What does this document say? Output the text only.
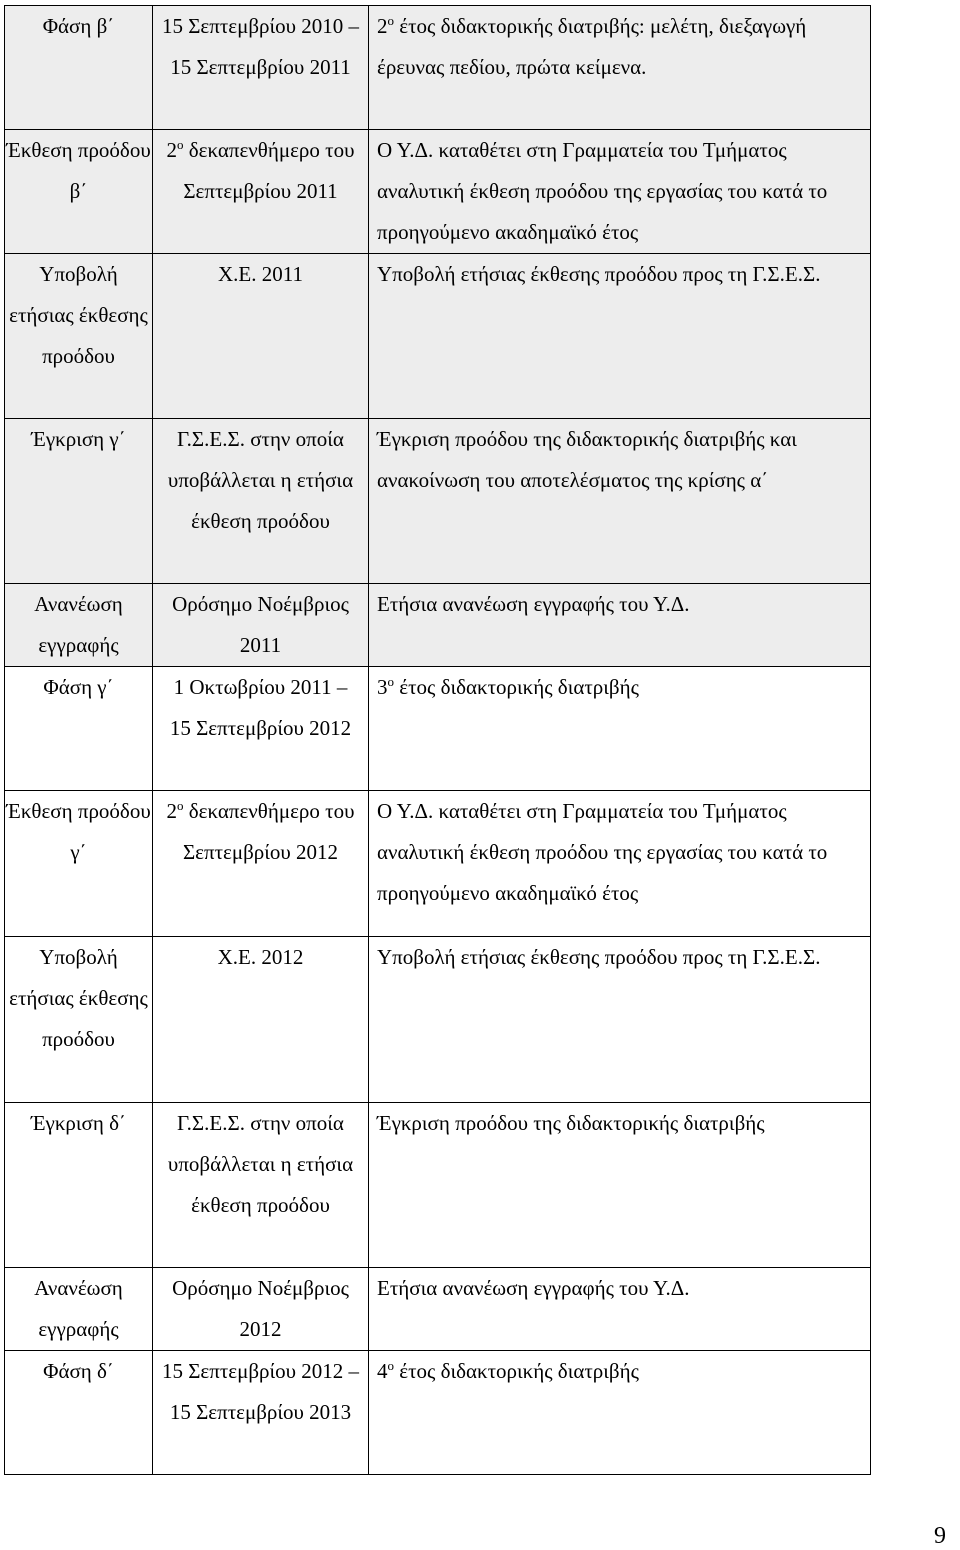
Φάση β΄	15 Σεπτεμβρίου 2010 – 15 Σεπτεμβρίου 2011	$2^o$ έτος διδακτορικής διατριβής: μελέτη, διεξαγωγή έρευνας πεδίου, πρώτα κείμενα.
Έκθεση προόδου β΄	$2^o$ δεκαπενθήμερο του Σεπτεμβρίου 2011	Ο Υ.Δ. καταθέτει στη Γραμματεία του Τμήματος αναλυτική έκθεση προόδου της εργασίας του κατά το προηγούμενο ακαδημαϊκό έτος
Υποβολή ετήσιας έκθεσης προόδου	Χ.Ε. 2011	Υποβολή ετήσιας έκθεσης προόδου προς τη Γ.Σ.Ε.Σ.
Έγκριση γ΄	Γ.Σ.Ε.Σ. στην οποία υποβάλλεται η ετήσια έκθεση προόδου	Έγκριση προόδου της διδακτορικής διατριβής και ανακοίνωση του αποτελέσματος της κρίσης α΄
Ανανέωση εγγραφής	Ορόσημο Νοέμβριος 2011	Ετήσια ανανέωση εγγραφής του Υ.Δ.
Φάση γ΄	1 Οκτωβρίου 2011 – 15 Σεπτεμβρίου 2012	$3^o$ έτος διδακτορικής διατριβής
Έκθεση προόδου γ΄	$2^o$ δεκαπενθήμερο του Σεπτεμβρίου 2012	Ο Υ.Δ. καταθέτει στη Γραμματεία του Τμήματος αναλυτική έκθεση προόδου της εργασίας του κατά το προηγούμενο ακαδημαϊκό έτος
Υποβολή ετήσιας έκθεσης προόδου	Χ.Ε. 2012	Υποβολή ετήσιας έκθεσης προόδου προς τη Γ.Σ.Ε.Σ.
Έγκριση δ΄	Γ.Σ.Ε.Σ. στην οποία υποβάλλεται η ετήσια έκθεση προόδου	Έγκριση προόδου της διδακτορικής διατριβής
Ανανέωση εγγραφής	Ορόσημο Νοέμβριος 2012	Ετήσια ανανέωση εγγραφής του Υ.Δ.
Φάση δ΄	15 Σεπτεμβρίου 2012 – 15 Σεπτεμβρίου 2013	$4^o$ έτος διδακτορικής διατριβής
9
